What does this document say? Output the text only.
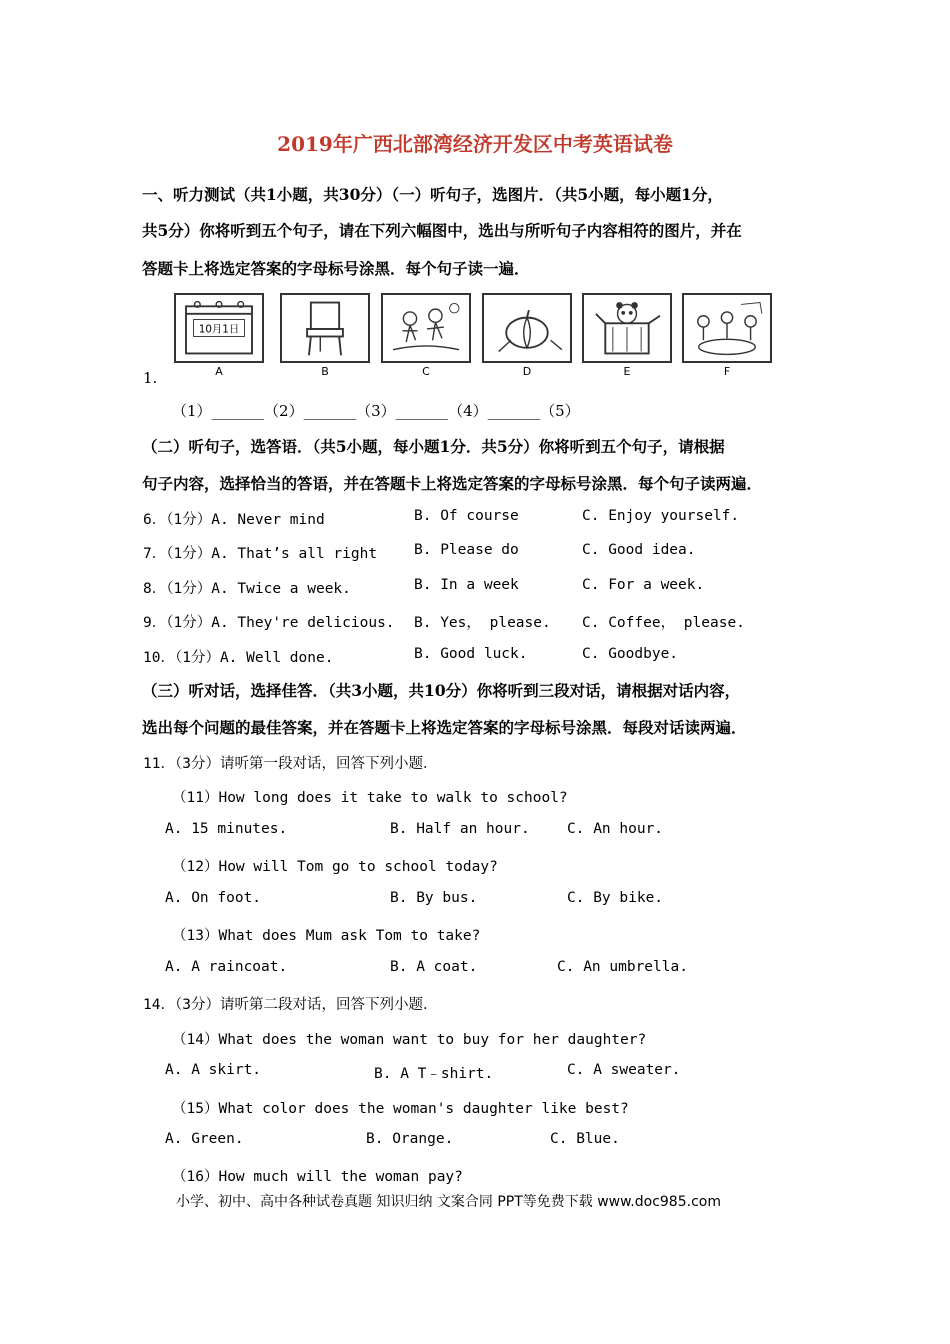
2019年广西北部湾经济开发区中考英语试卷
一、听力测试（共1小题，共30分）（一）听句子，选图片．（共5小题，每小题1分，
共5分）你将听到五个句子，请在下列六幅图中，选出与所听句子内容相符的图片，并在
答题卡上将选定答案的字母标号涂黑．每个句子读一遍．
10月1日
A	B	C	D	E	F
1.
（1）_______（2）_______（3）_______（4）_______（5）
（二）听句子，选答语．（共5小题，每小题1分．共5分）你将听到五个句子，请根据
句子内容，选择恰当的答语，并在答题卡上将选定答案的字母标号涂黑．每个句子读两遍．
6．（1分）A. Never mind	B. Of course	C. Enjoy yourself.
7．（1分）A. That’s all right	B. Please do	C. Good idea.
8．（1分）A. Twice a week.	B. In a week	C. For a week.
9．（1分）A. They're delicious. B. Yes， please. C. Coffee， please.
10．（1分）A. Well done.	B. Good luck.	C. Goodbye.
（三）听对话，选择佳答．（共3小题，共10分）你将听到三段对话，请根据对话内容，
选出每个问题的最佳答案，并在答题卡上将选定答案的字母标号涂黑．每段对话读两遍．
11．（3分）请听第一段对话，回答下列小题．
（11）How long does it take to walk to school?
A. 15 minutes.	B. Half an hour.	C. An hour.
（12）How will Tom go to school today?
A. On foot.	B. By bus.	C. By bike.
（13）What does Mum ask Tom to take?
A. A raincoat.	B. A coat.	C. An umbrella.
14．（3分）请听第二段对话，回答下列小题．
（14）What does the woman want to buy for her daughter?
A. A skirt.	B. A T﹣shirt.	C. A sweater.
（15）What color does the woman's daughter like best?
A. Green.	B. Orange.	C. Blue.
（16）How much will the woman pay?
小学、初中、高中各种试卷真题 知识归纳 文案合同 PPT等免费下载 www.doc985.com
